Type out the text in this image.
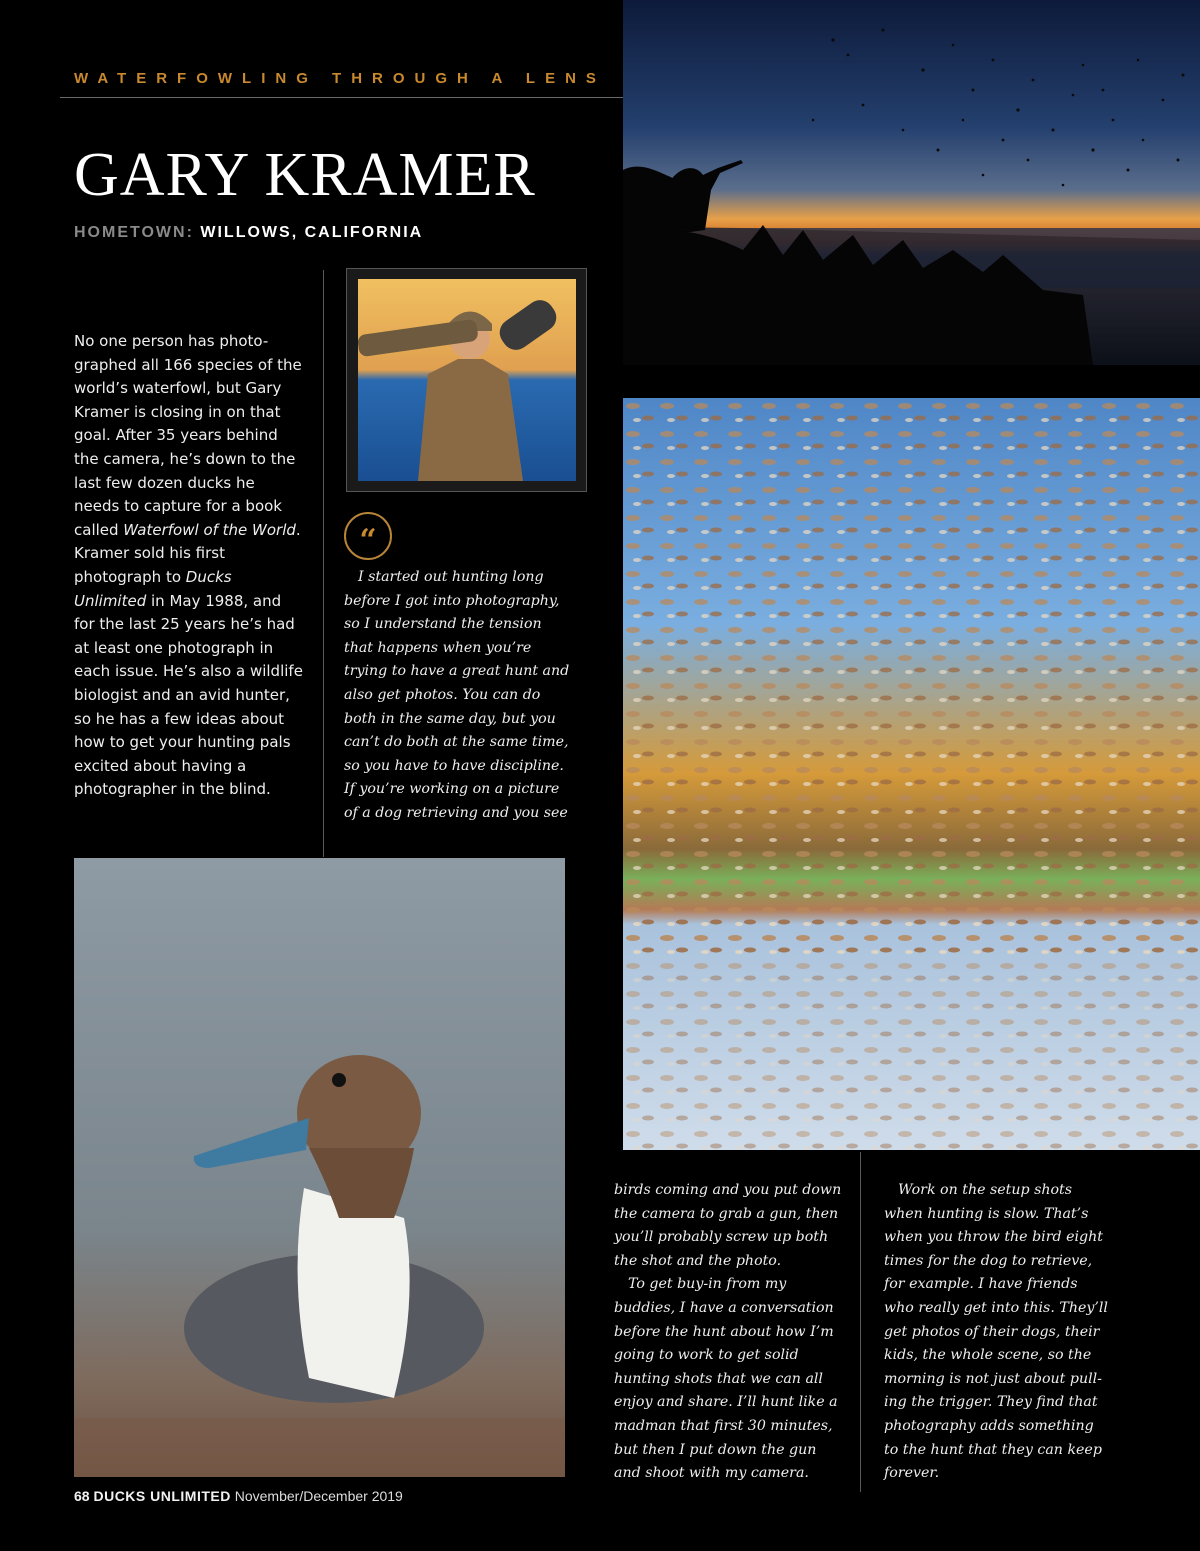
WATERFOWLING THROUGH A LENS
GARY KRAMER
HOMETOWN: WILLOWS, CALIFORNIA
No one person has photo-graphed all 166 species of the world’s waterfowl, but Gary Kramer is closing in on that goal. After 35 years behind the camera, he’s down to the last few dozen ducks he needs to capture for a book called Waterfowl of the World. Kramer sold his first photograph to Ducks Unlimited in May 1988, and for the last 25 years he’s had at least one photograph in each issue. He’s also a wildlife biologist and an avid hunter, so he has a few ideas about how to get your hunting pals excited about having a photographer in the blind.
“

I started out hunting long before I got into photography, so I understand the tension that happens when you’re trying to have a great hunt and also get photos. You can do both in the same day, but you can’t do both at the same time, so you have to have discipline. If you’re working on a picture of a dog retrieving and you see

birds coming and you put down the camera to grab a gun, then you’ll probably screw up both the shot and the photo.

To get buy-in from my buddies, I have a conversation before the hunt about how I’m going to work to get solid hunting shots that we can all enjoy and share. I’ll hunt like a madman that first 30 minutes, but then I put down the gun and shoot with my camera.

Work on the setup shots when hunting is slow. That’s when you throw the bird eight times for the dog to retrieve, for example. I have friends who really get into this. They’ll get photos of their dogs, their kids, the whole scene, so the morning is not just about pull-ing the trigger. They find that photography adds something to the hunt that they can keep forever.

68 DUCKS UNLIMITED November/December 2019
